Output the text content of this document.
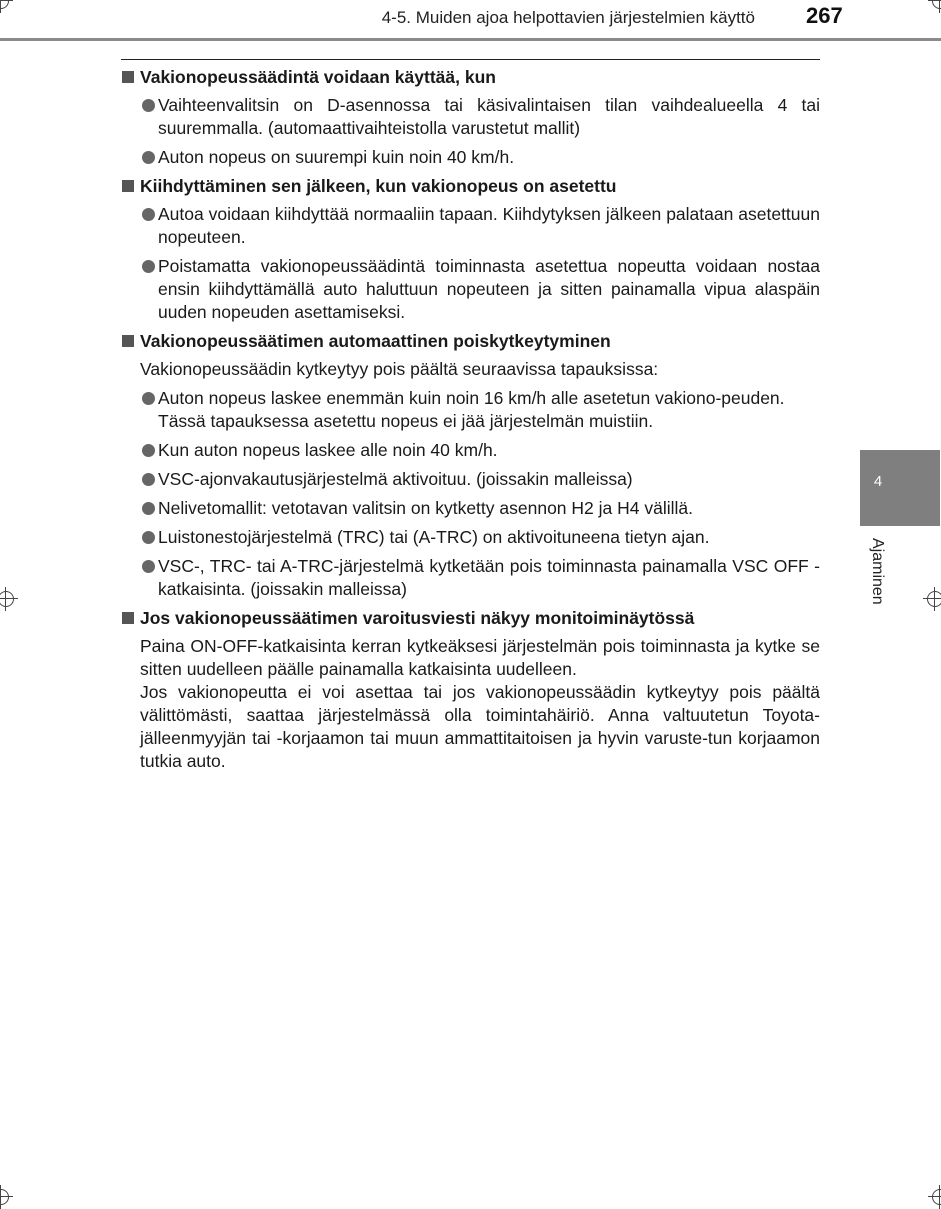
4-5. Muiden ajoa helpottavien järjestelmien käyttö 267
4
Ajaminen
Vakionopeussäädintä voidaan käyttää, kun
Vaihteenvalitsin on D-asennossa tai käsivalintaisen tilan vaihdealueella 4 tai suuremmalla. (automaattivaihteistolla varustetut mallit)
Auton nopeus on suurempi kuin noin 40 km/h.
Kiihdyttäminen sen jälkeen, kun vakionopeus on asetettu
Autoa voidaan kiihdyttää normaaliin tapaan. Kiihdytyksen jälkeen palataan asetettuun nopeuteen.
Poistamatta vakionopeussäädintä toiminnasta asetettua nopeutta voidaan nostaa ensin kiihdyttämällä auto haluttuun nopeuteen ja sitten painamalla vipua alaspäin uuden nopeuden asettamiseksi.
Vakionopeussäätimen automaattinen poiskytkeytyminen
Vakionopeussäädin kytkeytyy pois päältä seuraavissa tapauksissa:
Auton nopeus laskee enemmän kuin noin 16 km/h alle asetetun vakiono-peuden.
Tässä tapauksessa asetettu nopeus ei jää järjestelmän muistiin.
Kun auton nopeus laskee alle noin 40 km/h.
VSC-ajonvakautusjärjestelmä aktivoituu. (joissakin malleissa)
Nelivetomallit: vetotavan valitsin on kytketty asennon H2 ja H4 välillä.
Luistonestojärjestelmä (TRC) tai (A-TRC) on aktivoituneena tietyn ajan.
VSC-, TRC- tai A-TRC-järjestelmä kytketään pois toiminnasta painamalla VSC OFF -katkaisinta. (joissakin malleissa)
Jos vakionopeussäätimen varoitusviesti näkyy monitoiminäytössä
Paina ON-OFF-katkaisinta kerran kytkeäksesi järjestelmän pois toiminnasta ja kytke se sitten uudelleen päälle painamalla katkaisinta uudelleen.
Jos vakionopeutta ei voi asettaa tai jos vakionopeussäädin kytkeytyy pois päältä välittömästi, saattaa järjestelmässä olla toimintahäiriö. Anna valtuutetun Toyota-jälleenmyyjän tai -korjaamon tai muun ammattitaitoisen ja hyvin varuste-tun korjaamon tutkia auto.
